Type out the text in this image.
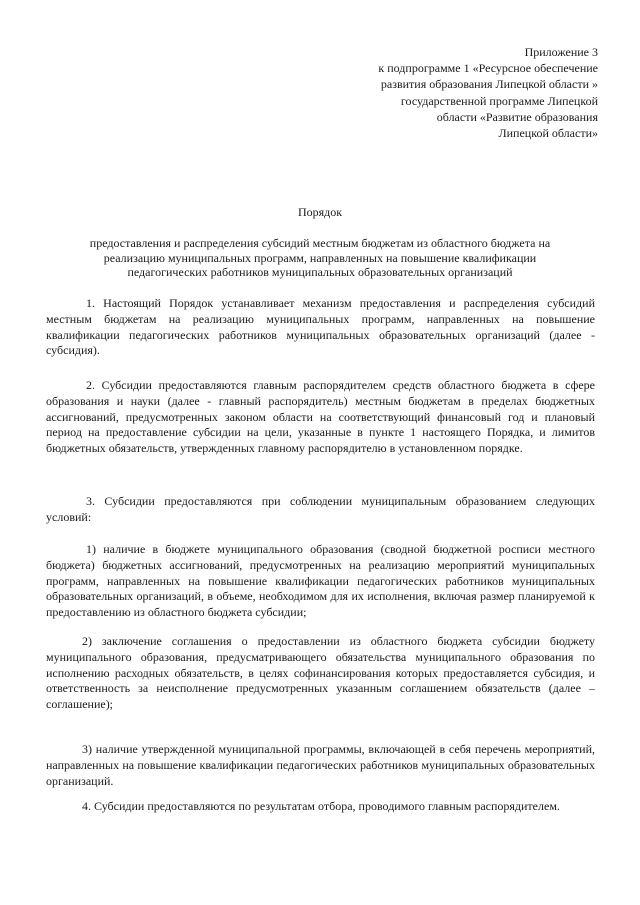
Приложение 3
к подпрограмме 1 «Ресурсное обеспечение
развития образования Липецкой области »
государственной программе Липецкой
области «Развитие образования
Липецкой области»
Порядок
предоставления и распределения субсидий местным бюджетам из областного бюджета на
реализацию муниципальных программ, направленных на повышение квалификации
педагогических работников муниципальных образовательных организаций

1. Настоящий Порядок устанавливает механизм предоставления и распределения субсидий местным бюджетам на реализацию муниципальных программ, направленных на повышение квалификации педагогических работников муниципальных образовательных организаций (далее - субсидия).

2. Субсидии предоставляются главным распорядителем средств областного бюджета в сфере образования и науки (далее - главный распорядитель) местным бюджетам в пределах бюджетных ассигнований, предусмотренных законом области на соответствующий финансовый год и плановый период на предоставление субсидии на цели, указанные в пункте 1 настоящего Порядка, и лимитов бюджетных обязательств, утвержденных главному распорядителю в установленном порядке.

3. Субсидии предоставляются при соблюдении муниципальным образованием следующих условий:

1) наличие в бюджете муниципального образования (сводной бюджетной росписи местного бюджета) бюджетных ассигнований, предусмотренных на реализацию мероприятий муниципальных программ, направленных на повышение квалификации педагогических работников муниципальных образовательных организаций, в объеме, необходимом для их исполнения, включая размер планируемой к предоставлению из областного бюджета субсидии;

2) заключение соглашения о предоставлении из областного бюджета субсидии бюджету муниципального образования, предусматривающего обязательства муниципального образования по исполнению расходных обязательств, в целях софинансирования которых предоставляется субсидия, и ответственность за неисполнение предусмотренных указанным соглашением обязательств (далее – соглашение);

3) наличие утвержденной муниципальной программы, включающей в себя перечень мероприятий, направленных на повышение квалификации педагогических работников муниципальных образовательных организаций.

4. Субсидии предоставляются по результатам отбора, проводимого главным распорядителем.
